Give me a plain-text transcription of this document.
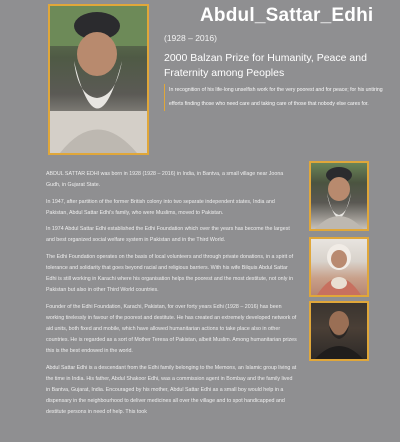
Abdul_Sattar_Edhi
(1928 – 2016)
2000 Balzan Prize for Humanity, Peace and Fraternity among Peoples
In recognition of his life-long unselfish work for the very poorest and for peace; for his untiring efforts finding those who need care and taking care of those that nobody else cares for.

ABDUL SATTAR EDHI was born in 1928 (1928 – 2016) in India, in Bantva, a small village near Joona Gudh, in Gujarat State.

In 1947, after partition of the former British colony into two separate independent states, India and Pakistan, Abdul Sattar Edhi's family, who were Muslims, moved to Pakistan.

In 1974 Abdul Sattar Edhi established the Edhi Foundation which over the years has become the largest and best organized social welfare system in Pakistan and in the Third World.

The Edhi Foundation operates on the basis of local volunteers and through private donations, in a spirit of tolerance and solidarity that goes beyond racial and religious barriers. With his wife Bilquis Abdul Sattar Edhi is still working in Karachi where his organisation helps the poorest and the most destitute, not only in Pakistan but also in other Third World countries.

Founder of the Edhi Foundation, Karachi, Pakistan, for over forty years Edhi (1928 – 2016) has been working tirelessly in favour of the poorest and destitute. He has created an extremely developed network of aid units, both fixed and mobile, which have allowed humanitarian actions to take place also in other countries. He is regarded as a sort of Mother Teresa of Pakistan, albeit Muslim. Among humanitarian prizes this is the best endowed in the world.

Abdul Sattar Edhi is a descendant from the Edhi family belonging to the Memons, an Islamic group living at the time in India. His father, Abdul Shakoor Edhi, was a commission agent in Bombay and the family lived in Bantva, Gujarat, India. Encouraged by his mother, Abdul Sattar Edhi as a small boy would help in a dispensary in the neighbourhood to deliver medicines all over the village and to spot handicapped and destitute persons in need of help. This took
